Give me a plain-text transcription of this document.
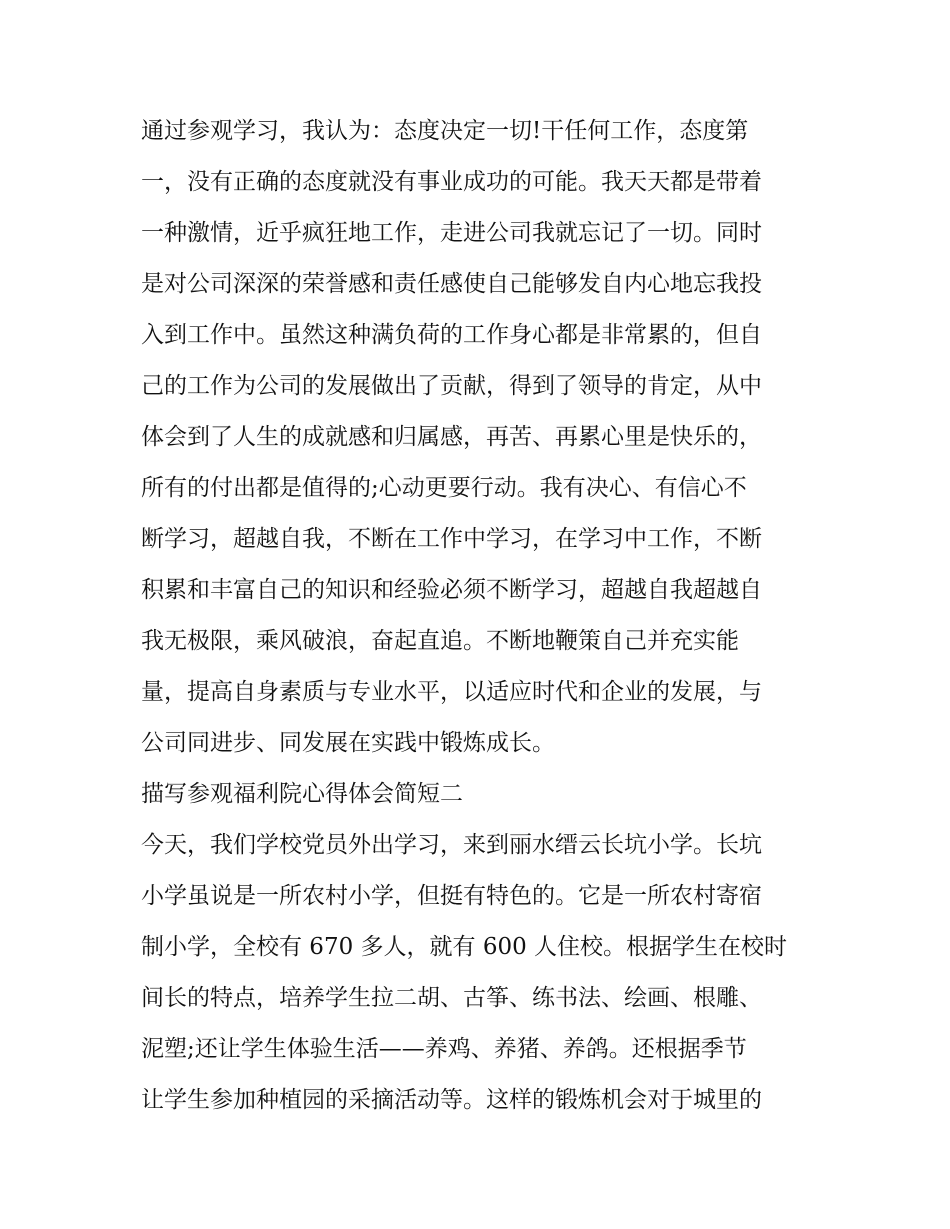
通过参观学习，我认为：态度决定一切!干任何工作，态度第
一，没有正确的态度就没有事业成功的可能。我天天都是带着
一种激情，近乎疯狂地工作，走进公司我就忘记了一切。同时
是对公司深深的荣誉感和责任感使自己能够发自内心地忘我投
入到工作中。虽然这种满负荷的工作身心都是非常累的，但自
己的工作为公司的发展做出了贡献，得到了领导的肯定，从中
体会到了人生的成就感和归属感，再苦、再累心里是快乐的，
所有的付出都是值得的;心动更要行动。我有决心、有信心不
断学习，超越自我，不断在工作中学习，在学习中工作，不断
积累和丰富自己的知识和经验必须不断学习，超越自我超越自
我无极限，乘风破浪，奋起直追。不断地鞭策自己并充实能
量，提高自身素质与专业水平，以适应时代和企业的发展，与
公司同进步、同发展在实践中锻炼成长。
描写参观福利院心得体会简短二
今天，我们学校党员外出学习，来到丽水缙云长坑小学。长坑
小学虽说是一所农村小学，但挺有特色的。它是一所农村寄宿
制小学，全校有 670 多人，就有 600 人住校。根据学生在校时
间长的特点，培养学生拉二胡、古筝、练书法、绘画、根雕、
泥塑;还让学生体验生活——养鸡、养猪、养鸽。还根据季节
让学生参加种植园的采摘活动等。这样的锻炼机会对于城里的
